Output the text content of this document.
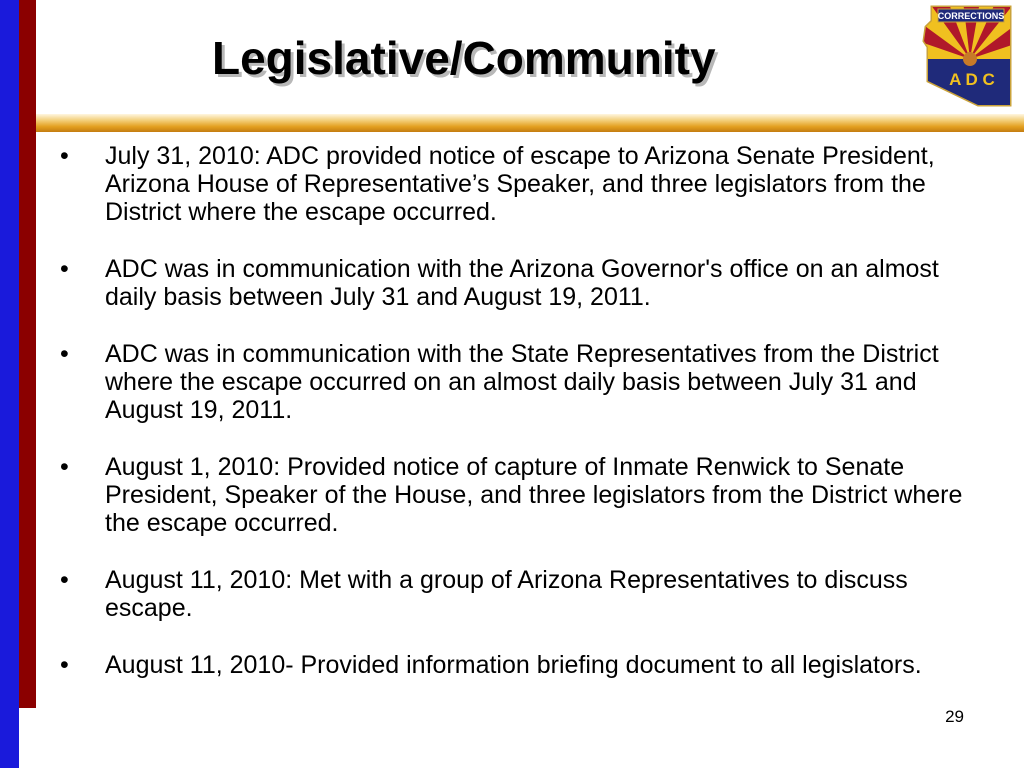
Legislative/Community
CORRECTIONS
A D C
• July 31, 2010: ADC provided notice of escape to Arizona Senate President, Arizona House of Representative’s Speaker, and three legislators from the District where the escape occurred.
• ADC was in communication with the Arizona Governor's office on an almost daily basis between July 31 and August 19, 2011.
• ADC was in communication with the State Representatives from the District where the escape occurred on an almost daily basis between July 31 and August 19, 2011.
• August 1, 2010: Provided notice of capture of Inmate Renwick to Senate President, Speaker of the House, and three legislators from the District where the escape occurred.
• August 11, 2010: Met with a group of Arizona Representatives to discuss escape.
• August 11, 2010- Provided information briefing document to all legislators.
29
